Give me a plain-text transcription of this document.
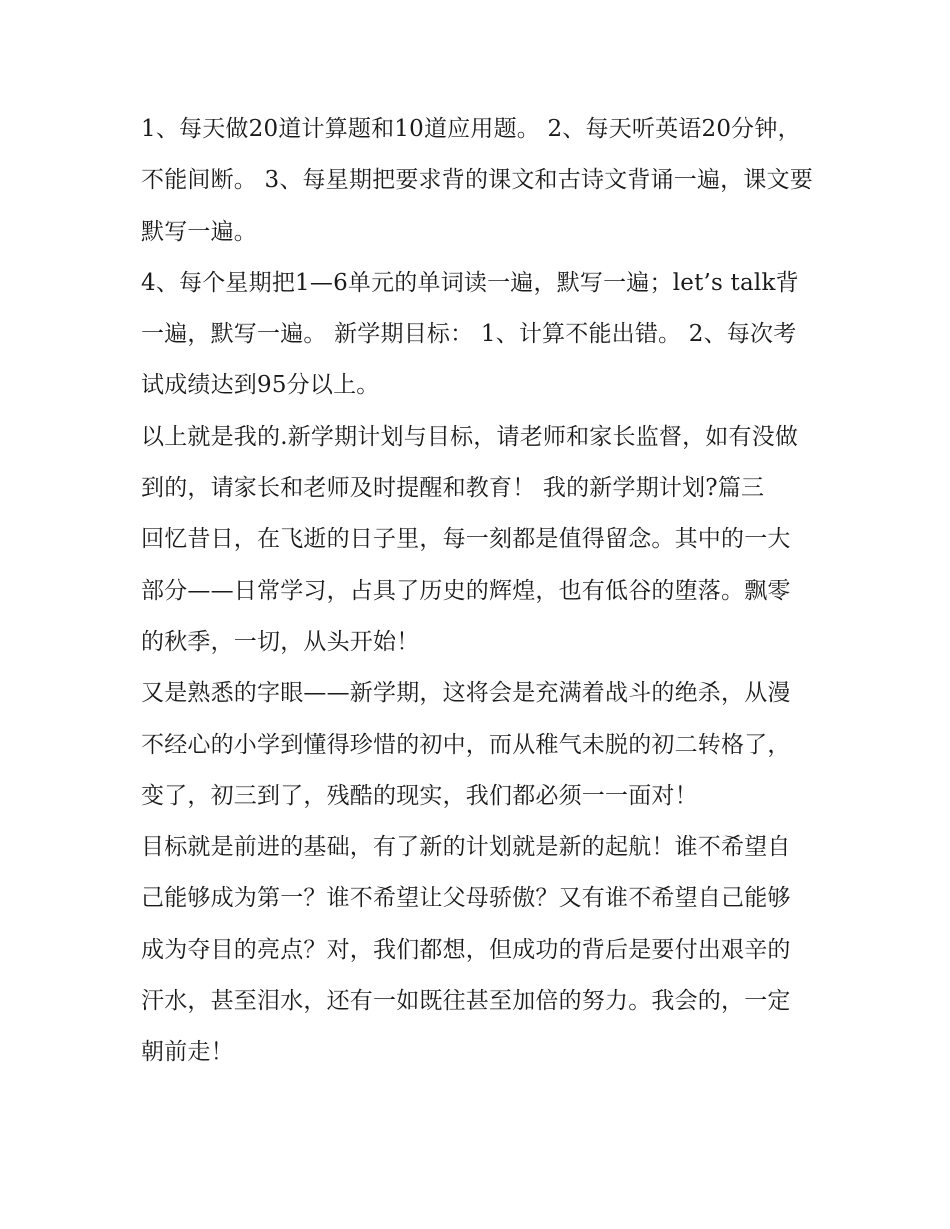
1、每天做20道计算题和10道应用题。 2、每天听英语20分钟，不能间断。 3、每星期把要求背的课文和古诗文背诵一遍，课文要默写一遍。

4、每个星期把1—6单元的单词读一遍，默写一遍；let’s talk背一遍，默写一遍。 新学期目标： 1、计算不能出错。 2、每次考试成绩达到95分以上。

以上就是我的.新学期计划与目标，请老师和家长监督，如有没做到的，请家长和老师及时提醒和教育！ 我的新学期计划?篇三

回忆昔日，在飞逝的日子里，每一刻都是值得留念。其中的一大部分——日常学习，占具了历史的辉煌，也有低谷的堕落。飘零的秋季，一切，从头开始！

又是熟悉的字眼——新学期，这将会是充满着战斗的绝杀，从漫不经心的小学到懂得珍惜的初中，而从稚气未脱的初二转格了，变了，初三到了，残酷的现实，我们都必须一一面对！

目标就是前进的基础，有了新的计划就是新的起航！谁不希望自己能够成为第一？谁不希望让父母骄傲？又有谁不希望自己能够成为夺目的亮点？对，我们都想，但成功的背后是要付出艰辛的汗水，甚至泪水，还有一如既往甚至加倍的努力。我会的，一定朝前走！
